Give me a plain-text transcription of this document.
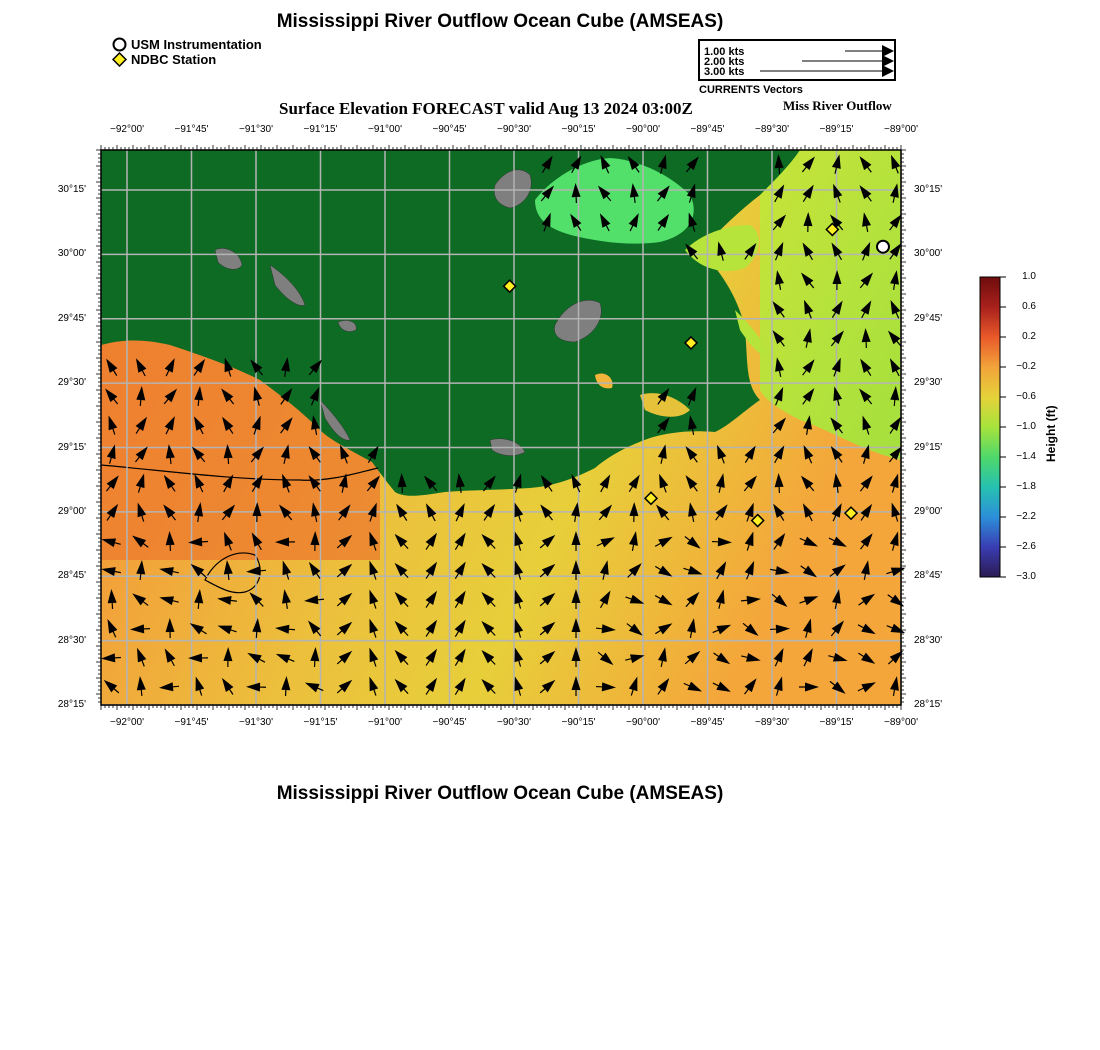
Mississippi River Outflow Ocean Cube (AMSEAS)
USM Instrumentation
NDBC Station	1.00 kts
2.00 kts
3.00 kts
CURRENTS Vectors
Surface Elevation FORECAST valid Aug 13 2024 03:00Z	Miss River Outflow
−92°00'	−91°45'	−91°30'	−91°15'	−91°00'	−90°45'	−90°30'	−90°15'	−90°00'	−89°45'	−89°30'	−89°15'	−89°00'
−92°00'	−91°45'	−91°30'	−91°15'	−91°00'	−90°45'	−90°30'	−90°15'	−90°00'	−89°45'	−89°30'	−89°15'	−89°00'
30°15'
30°00'
29°45'
29°30'
29°15'
29°00'
28°45'
28°30'
28°15'
30°15'
30°00'
29°45'
29°30'
29°15'
29°00'
28°45'
28°30'
28°15'
1.0
0.6
0.2
−0.2
−0.6
−1.0
−1.4
−1.8
−2.2
−2.6
−3.0
Height (ft)
Mississippi River Outflow Ocean Cube (AMSEAS)
